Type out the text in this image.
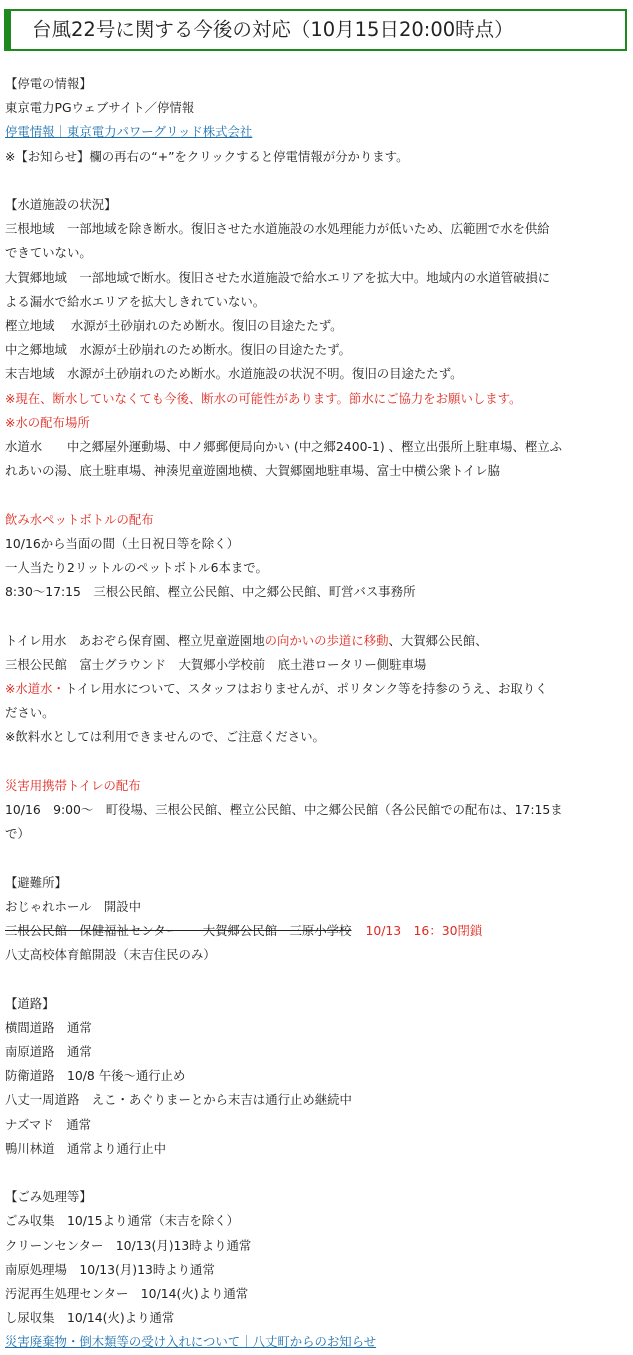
台風22号に関する今後の対応（10月15日20:00時点）
【停電の情報】
東京電力PGウェブサイト／停情報
停電情報｜東京電力パワーグリッド株式会社
※【お知らせ】欄の再右の“+”をクリックすると停電情報が分かります。
【水道施設の状況】
三根地域　一部地域を除き断水。復旧させた水道施設の水処理能力が低いため、広範囲で水を供給
できていない。
大賀郷地域　一部地域で断水。復旧させた水道施設で給水エリアを拡大中。地域内の水道管破損に
よる漏水で給水エリアを拡大しきれていない。
樫立地域　 水源が土砂崩れのため断水。復旧の目途たたず。
中之郷地域　水源が土砂崩れのため断水。復旧の目途たたず。
末吉地域　水源が土砂崩れのため断水。水道施設の状況不明。復旧の目途たたず。
※現在、断水していなくても今後、断水の可能性があります。節水にご協力をお願いします。
※水の配布場所
水道水　　中之郷屋外運動場、中ノ郷郵便局向かい (中之郷2400-1) 、樫立出張所上駐車場、樫立ふ
れあいの湯、底土駐車場、神湊児童遊園地横、大賀郷園地駐車場、富士中横公衆トイレ脇
飲み水ペットボトルの配布
10/16から当面の間（土日祝日等を除く）
一人当たり2リットルのペットボトル6本まで。
8:30〜17:15　三根公民館、樫立公民館、中之郷公民館、町営バス事務所
トイレ用水　あおぞら保育園、樫立児童遊園地の向かいの歩道に移動、大賀郷公民館、
三根公民館　富士グラウンド　大賀郷小学校前　底土港ロータリー側駐車場
※水道水・トイレ用水について、スタッフはおりませんが、ポリタンク等を持参のうえ、お取りく
ださい。
※飲料水としては利用できませんので、ご注意ください。
災害用携帯トイレの配布
10/16　9:00〜　町役場、三根公民館、樫立公民館、中之郷公民館（各公民館での配布は、17:15ま
で）
【避難所】
おじゃれホール　開設中
三根公民館　保健福祉センター　　大賀郷公民館　三原小学校 10/13　16：30閉鎖
八丈高校体育館開設（末吉住民のみ）
【道路】
横間道路　通常
南原道路　通常
防衛道路　10/8 午後〜通行止め
八丈一周道路　えこ・あぐりまーとから末吉は通行止め継続中
ナズマド　通常
鴨川林道　通常より通行止中
【ごみ処理等】
ごみ収集　10/15より通常（末吉を除く）
クリーンセンター　10/13(月)13時より通常
南原処理場　10/13(月)13時より通常
汚泥再生処理センター　10/14(火)より通常
し尿収集　10/14(火)より通常
災害廃棄物・倒木類等の受け入れについて｜八丈町からのお知らせ
